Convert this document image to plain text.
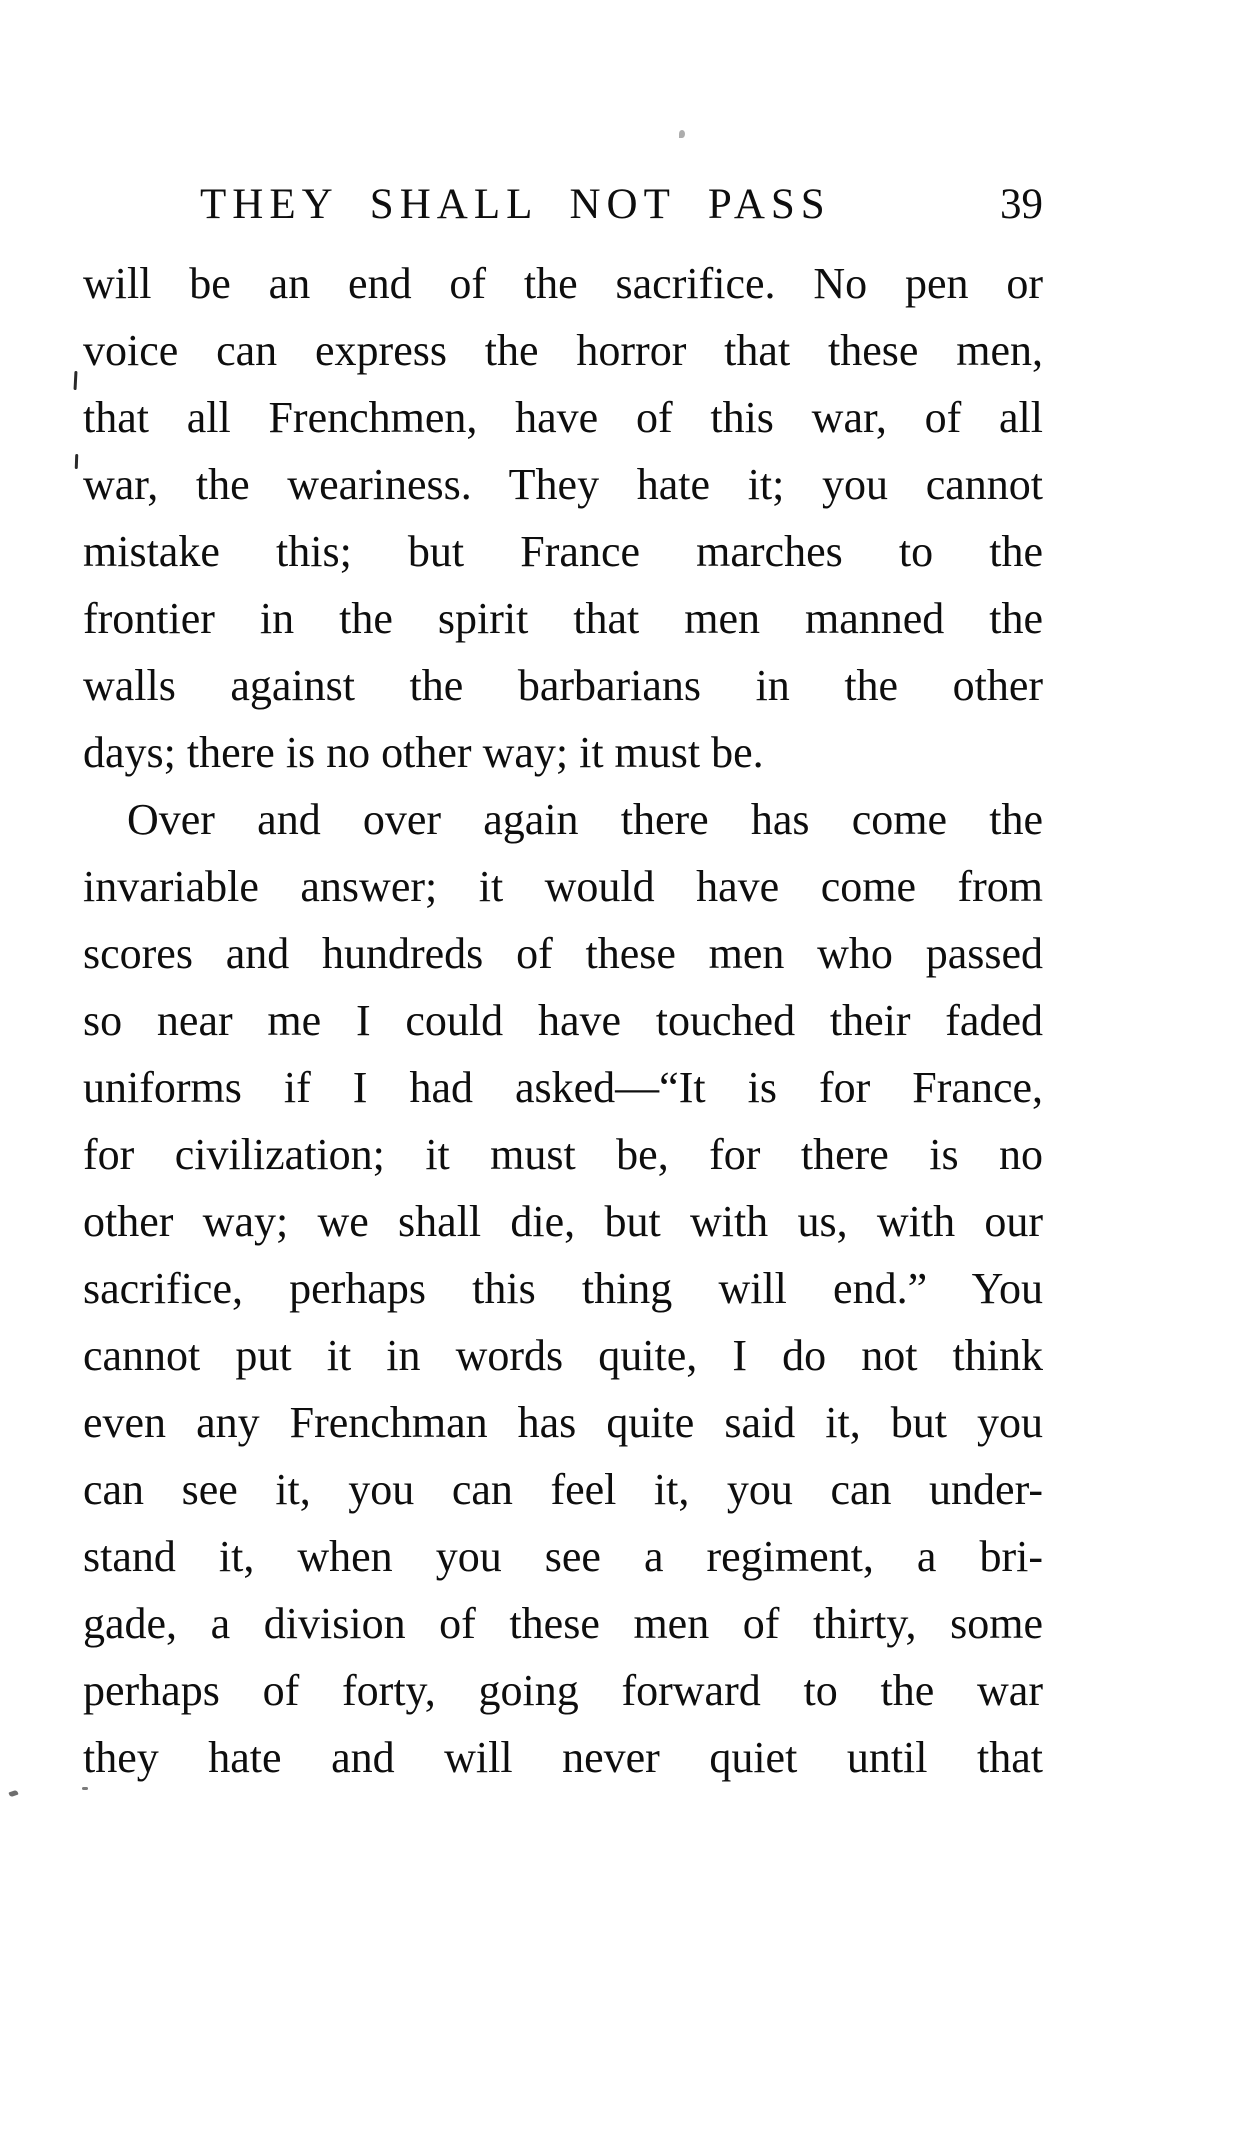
THEY SHALL NOT PASS	39
will be an end of the sacrifice. No pen or
voice can express the horror that these men,
that all Frenchmen, have of this war, of all
war, the weariness. They hate it; you cannot
mistake this; but France marches to the
frontier in the spirit that men manned the
walls against the barbarians in the other
days; there is no other way; it must be.
Over and over again there has come the
invariable answer; it would have come from
scores and hundreds of these men who passed
so near me I could have touched their faded
uniforms if I had asked—“It is for France,
for civilization; it must be, for there is no
other way; we shall die, but with us, with our
sacrifice, perhaps this thing will end.” You
cannot put it in words quite, I do not think
even any Frenchman has quite said it, but you
can see it, you can feel it, you can under-
stand it, when you see a regiment, a bri-
gade, a division of these men of thirty, some
perhaps of forty, going forward to the war
they hate and will never quiet until that
